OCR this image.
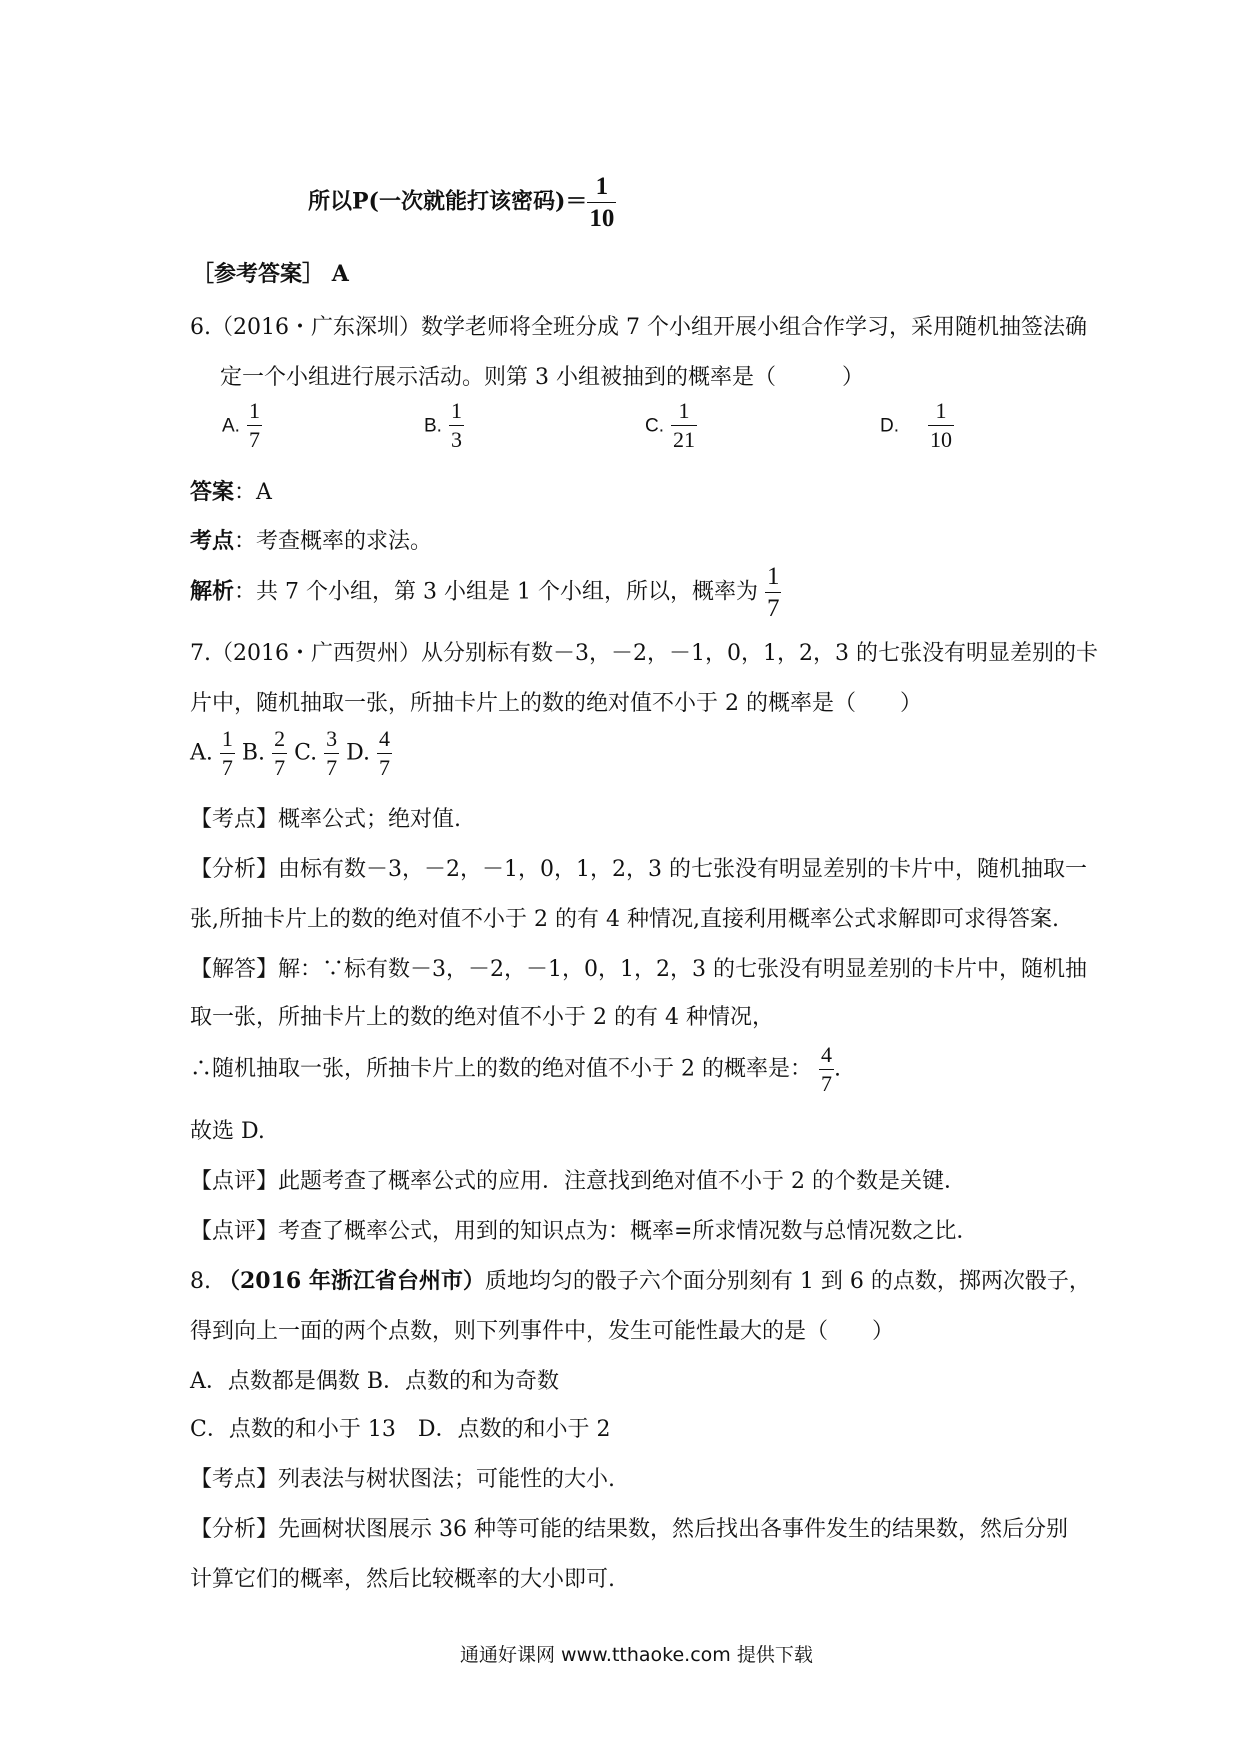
所以P(一次就能打该密码)＝ $\frac{1}{10}$
［参考答案］ A
6.（2016・广东深圳）数学老师将全班分成 7 个小组开展小组合作学习，采用随机抽签法确
定一个小组进行展示活动。则第 3 小组被抽到的概率是（　　　）
A. $\frac{1}{7}$	B. $\frac{1}{3}$	C. $\frac{1}{21}$	D. $\frac{1}{10}$
答案：A
考点：考查概率的求法。
解析：共 7 个小组，第 3 小组是 1 个小组，所以，概率为 $\frac{1}{7}$
7.（2016・广西贺州）从分别标有数－3，－2，－1，0，1，2，3 的七张没有明显差别的卡
片中，随机抽取一张，所抽卡片上的数的绝对值不小于 2 的概率是（　　）
A. $\frac{1}{7} B$. $\frac{2}{7} C$. $\frac{3}{7} D$. $\frac{4}{7}$
【考点】概率公式；绝对值.
【分析】由标有数－3，－2，－1，0，1，2，3 的七张没有明显差别的卡片中，随机抽取一
张,所抽卡片上的数的绝对值不小于 2 的有 4 种情况,直接利用概率公式求解即可求得答案.
【解答】解：∵标有数－3，－2，－1，0，1，2，3 的七张没有明显差别的卡片中，随机抽
取一张，所抽卡片上的数的绝对值不小于 2 的有 4 种情况，
∴随机抽取一张，所抽卡片上的数的绝对值不小于 2 的概率是： $\frac{4}{7}$ .
故选 D.
【点评】此题考查了概率公式的应用．注意找到绝对值不小于 2 的个数是关键．
【点评】考查了概率公式，用到的知识点为：概率=所求情况数与总情况数之比．
8. （2016 年浙江省台州市）质地均匀的骰子六个面分别刻有 1 到 6 的点数，掷两次骰子，
得到向上一面的两个点数，则下列事件中，发生可能性最大的是（　　）
A．点数都是偶数 B．点数的和为奇数
C．点数的和小于 13　D．点数的和小于 2
【考点】列表法与树状图法；可能性的大小.
【分析】先画树状图展示 36 种等可能的结果数，然后找出各事件发生的结果数，然后分别
计算它们的概率，然后比较概率的大小即可.
通通好课网 www.tthaoke.com 提供下载
